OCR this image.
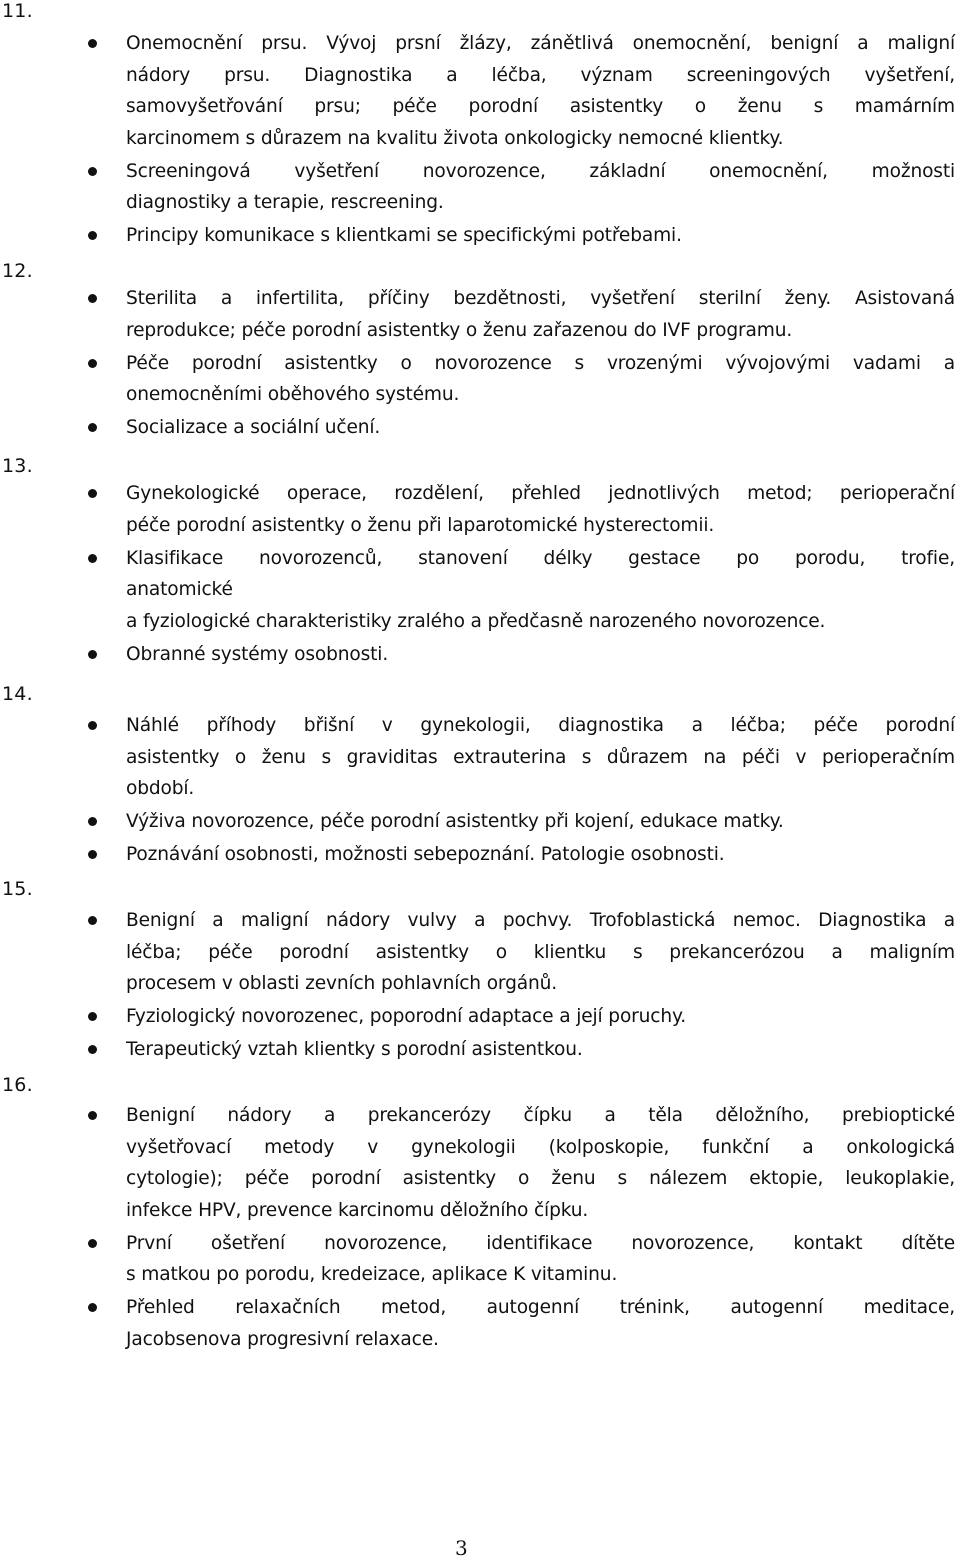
11.
Onemocnění prsu. Vývoj prsní žlázy, zánětlivá onemocnění, benigní a maligní
nádory prsu. Diagnostika a léčba, význam screeningových vyšetření,
samovyšetřování prsu; péče porodní asistentky o ženu s mamárním
karcinomem s důrazem na kvalitu života onkologicky nemocné klientky.
Screeningová vyšetření novorozence, základní onemocnění, možnosti
diagnostiky a terapie, rescreening.
Principy komunikace s klientkami se specifickými potřebami.
12.
Sterilita a infertilita, příčiny bezdětnosti, vyšetření sterilní ženy. Asistovaná
reprodukce; péče porodní asistentky o ženu zařazenou do IVF programu.
Péče porodní asistentky o novorozence s vrozenými vývojovými vadami a
onemocněními oběhového systému.
Socializace a sociální učení.
13.
Gynekologické operace, rozdělení, přehled jednotlivých metod; perioperační
péče porodní asistentky o ženu při laparotomické hysterectomii.
Klasifikace novorozenců, stanovení délky gestace po porodu, trofie,
anatomické
a fyziologické charakteristiky zralého a předčasně narozeného novorozence.
Obranné systémy osobnosti.
14.
Náhlé příhody břišní v gynekologii, diagnostika a léčba; péče porodní
asistentky o ženu s graviditas extrauterina s důrazem na péči v perioperačním
období.
Výživa novorozence, péče porodní asistentky při kojení, edukace matky.
Poznávání osobnosti, možnosti sebepoznání. Patologie osobnosti.
15.
Benigní a maligní nádory vulvy a pochvy. Trofoblastická nemoc. Diagnostika a
léčba; péče porodní asistentky o klientku s prekancerózou a maligním
procesem v oblasti zevních pohlavních orgánů.
Fyziologický novorozenec, poporodní adaptace a její poruchy.
Terapeutický vztah klientky s porodní asistentkou.
16.
Benigní nádory a prekancerózy čípku a těla děložního, prebioptické
vyšetřovací metody v gynekologii (kolposkopie, funkční a onkologická
cytologie); péče porodní asistentky o ženu s nálezem ektopie, leukoplakie,
infekce HPV, prevence karcinomu děložního čípku.
První ošetření novorozence, identifikace novorozence, kontakt dítěte
s matkou po porodu, kredeizace, aplikace K vitaminu.
Přehled relaxačních metod, autogenní trénink, autogenní meditace,
Jacobsenova progresivní relaxace.
3
